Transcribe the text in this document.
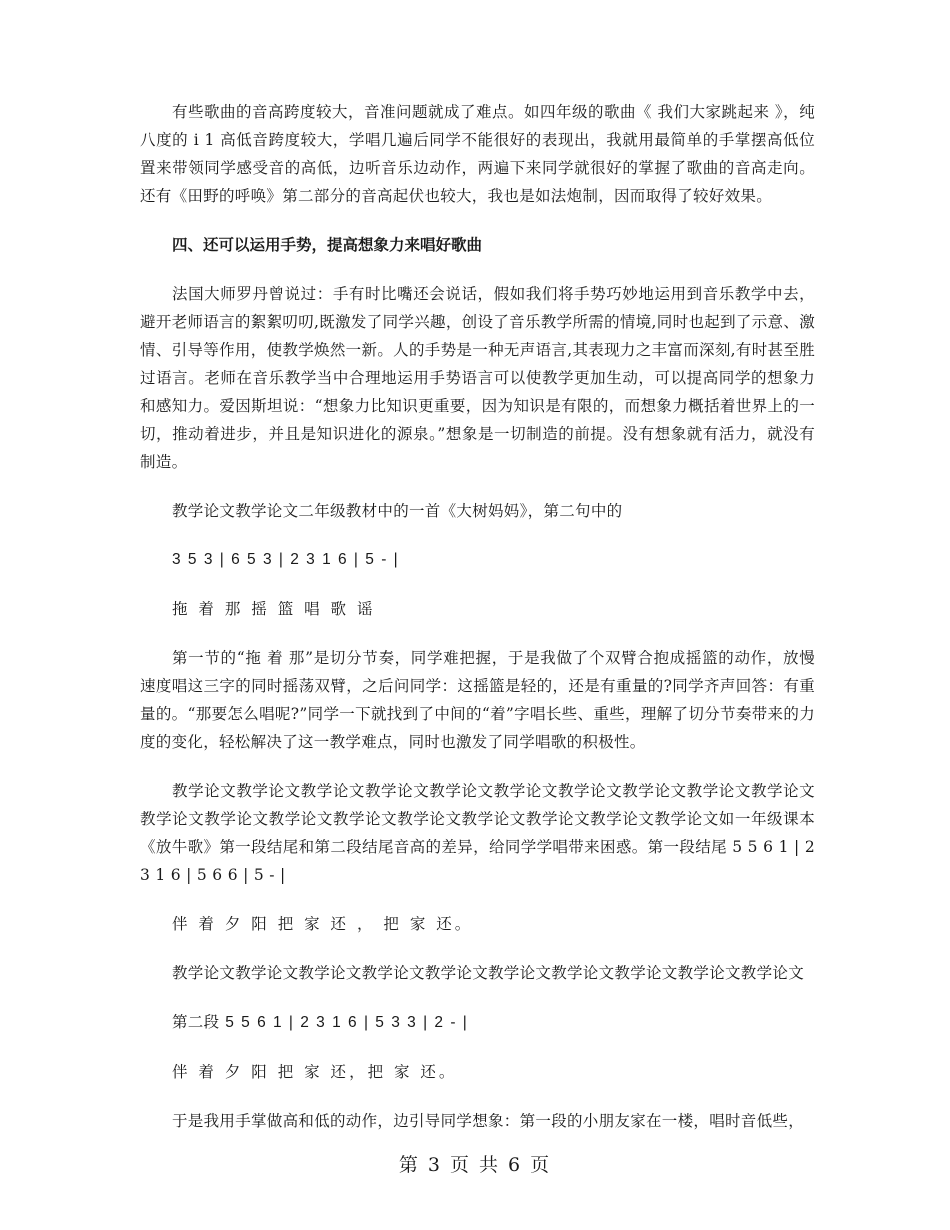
有些歌曲的音高跨度较大，音准问题就成了难点。如四年级的歌曲《 我们大家跳起来 》，纯八度的 i 1 高低音跨度较大，学唱几遍后同学不能很好的表现出，我就用最简单的手掌摆高低位置来带领同学感受音的高低，边听音乐边动作，两遍下来同学就很好的掌握了歌曲的音高走向。还有《田野的呼唤》第二部分的音高起伏也较大，我也是如法炮制，因而取得了较好效果。

四、还可以运用手势，提高想象力来唱好歌曲

法国大师罗丹曾说过：手有时比嘴还会说话，假如我们将手势巧妙地运用到音乐教学中去，避开老师语言的絮絮叨叨,既激发了同学兴趣，创设了音乐教学所需的情境,同时也起到了示意、激情、引导等作用，使教学焕然一新。人的手势是一种无声语言,其表现力之丰富而深刻,有时甚至胜过语言。老师在音乐教学当中合理地运用手势语言可以使教学更加生动，可以提高同学的想象力和感知力。爱因斯坦说：“想象力比知识更重要，因为知识是有限的，而想象力概括着世界上的一切，推动着进步，并且是知识进化的源泉。”想象是一切制造的前提。没有想象就有活力，就没有制造。

教学论文教学论文二年级教材中的一首《大树妈妈》，第二句中的

3 5 3 | 6 5 3 | 2 3 1 6 | 5 - |

拖 着 那 摇 篮 唱 歌 谣

第一节的“拖 着 那”是切分节奏，同学难把握，于是我做了个双臂合抱成摇篮的动作，放慢速度唱这三字的同时摇荡双臂，之后问同学：这摇篮是轻的，还是有重量的?同学齐声回答：有重量的。“那要怎么唱呢?”同学一下就找到了中间的“着”字唱长些、重些，理解了切分节奏带来的力度的变化，轻松解决了这一教学难点，同时也激发了同学唱歌的积极性。

教学论文教学论文教学论文教学论文教学论文教学论文教学论文教学论文教学论文教学论文教学论文教学论文教学论文教学论文教学论文教学论文教学论文教学论文教学论文如一年级课本《放牛歌》第一段结尾和第二段结尾音高的差异，给同学学唱带来困惑。第一段结尾 5 5 6 1 | 2 3 1 6 | 5 6 6 | 5 - |

伴 着 夕 阳 把 家 还 ， 把 家 还。

教学论文教学论文教学论文教学论文教学论文教学论文教学论文教学论文教学论文教学论文

第二段 5 5 6 1 | 2 3 1 6 | 5 3 3 | 2 - |

伴 着 夕 阳 把 家 还，把 家 还。

于是我用手掌做高和低的动作，边引导同学想象：第一段的小朋友家在一楼，唱时音低些，

第 3 页 共 6 页
